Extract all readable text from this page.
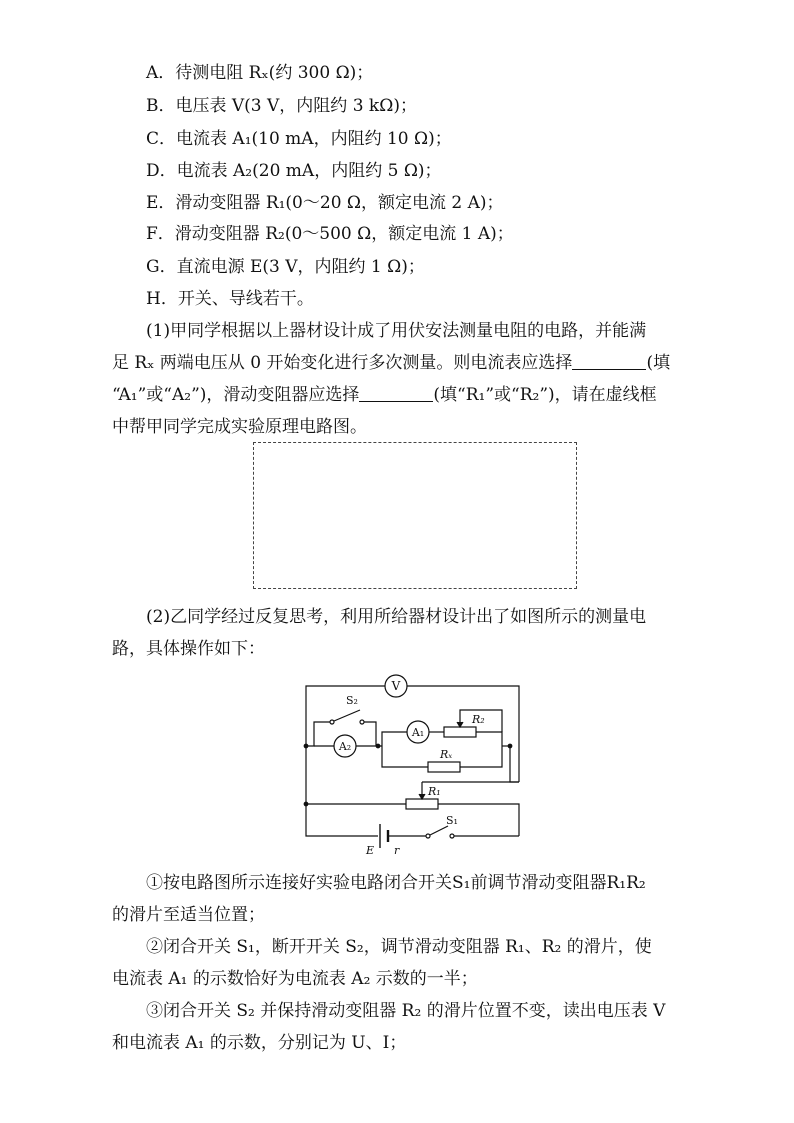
A．待测电阻 Rₓ(约 300 Ω)；
B．电压表 V(3 V，内阻约 3 kΩ)；
C．电流表 A₁(10 mA，内阻约 10 Ω)；
D．电流表 A₂(20 mA，内阻约 5 Ω)；
E．滑动变阻器 R₁(0～20 Ω，额定电流 2 A)；
F．滑动变阻器 R₂(0～500 Ω，额定电流 1 A)；
G．直流电源 E(3 V，内阻约 1 Ω)；
H．开关、导线若干。
(1)甲同学根据以上器材设计成了用伏安法测量电阻的电路，并能满
足 Rₓ 两端电压从 0 开始变化进行多次测量。则电流表应选择	(填
“A₁”或“A₂”)，滑动变阻器应选择	(填“R₁”或“R₂”)，请在虚线框
中帮甲同学完成实验原理电路图。
(2)乙同学经过反复思考，利用所给器材设计出了如图所示的测量电
路，具体操作如下：
V
S₂
A₂
A₁
R₂
Rₓ
R₁
S₁
E r
①按电路图所示连接好实验电路闭合开关S₁前调节滑动变阻器R₁R₂
的滑片至适当位置；
②闭合开关 S₁，断开开关 S₂，调节滑动变阻器 R₁、R₂ 的滑片，使
电流表 A₁ 的示数恰好为电流表 A₂ 示数的一半；
③闭合开关 S₂ 并保持滑动变阻器 R₂ 的滑片位置不变，读出电压表 V
和电流表 A₁ 的示数，分别记为 U、I；
